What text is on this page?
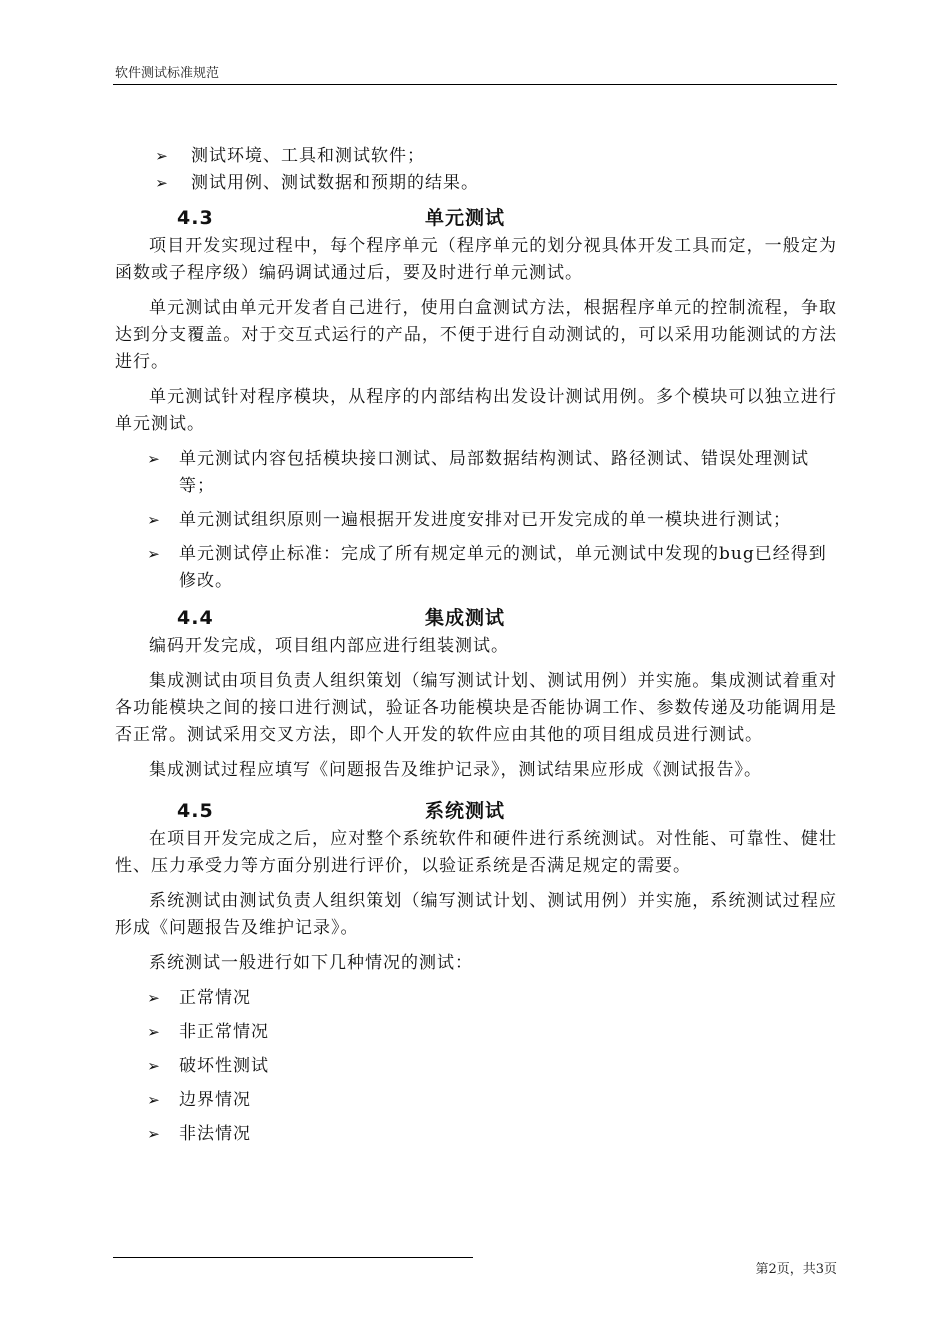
软件测试标准规范
➢ 测试环境、工具和测试软件；
➢ 测试用例、测试数据和预期的结果。
4.3	单元测试
项目开发实现过程中，每个程序单元（程序单元的划分视具体开发工具而定，一般定为函数或子程序级）编码调试通过后，要及时进行单元测试。
单元测试由单元开发者自己进行，使用白盒测试方法，根据程序单元的控制流程，争取达到分支覆盖。对于交互式运行的产品，不便于进行自动测试的，可以采用功能测试的方法进行。
单元测试针对程序模块，从程序的内部结构出发设计测试用例。多个模块可以独立进行单元测试。
➢ 单元测试内容包括模块接口测试、局部数据结构测试、路径测试、错误处理测试等；
➢ 单元测试组织原则一遍根据开发进度安排对已开发完成的单一模块进行测试；
➢ 单元测试停止标准：完成了所有规定单元的测试，单元测试中发现的bug已经得到修改。
4.4	集成测试
编码开发完成，项目组内部应进行组装测试。
集成测试由项目负责人组织策划（编写测试计划、测试用例）并实施。集成测试着重对各功能模块之间的接口进行测试，验证各功能模块是否能协调工作、参数传递及功能调用是否正常。测试采用交叉方法，即个人开发的软件应由其他的项目组成员进行测试。
集成测试过程应填写《问题报告及维护记录》，测试结果应形成《测试报告》。
4.5	系统测试
在项目开发完成之后，应对整个系统软件和硬件进行系统测试。对性能、可靠性、健壮性、压力承受力等方面分别进行评价，以验证系统是否满足规定的需要。
系统测试由测试负责人组织策划（编写测试计划、测试用例）并实施，系统测试过程应形成《问题报告及维护记录》。
系统测试一般进行如下几种情况的测试：
➢ 正常情况
➢ 非正常情况
➢ 破坏性测试
➢ 边界情况
➢ 非法情况
第2页，共3页
